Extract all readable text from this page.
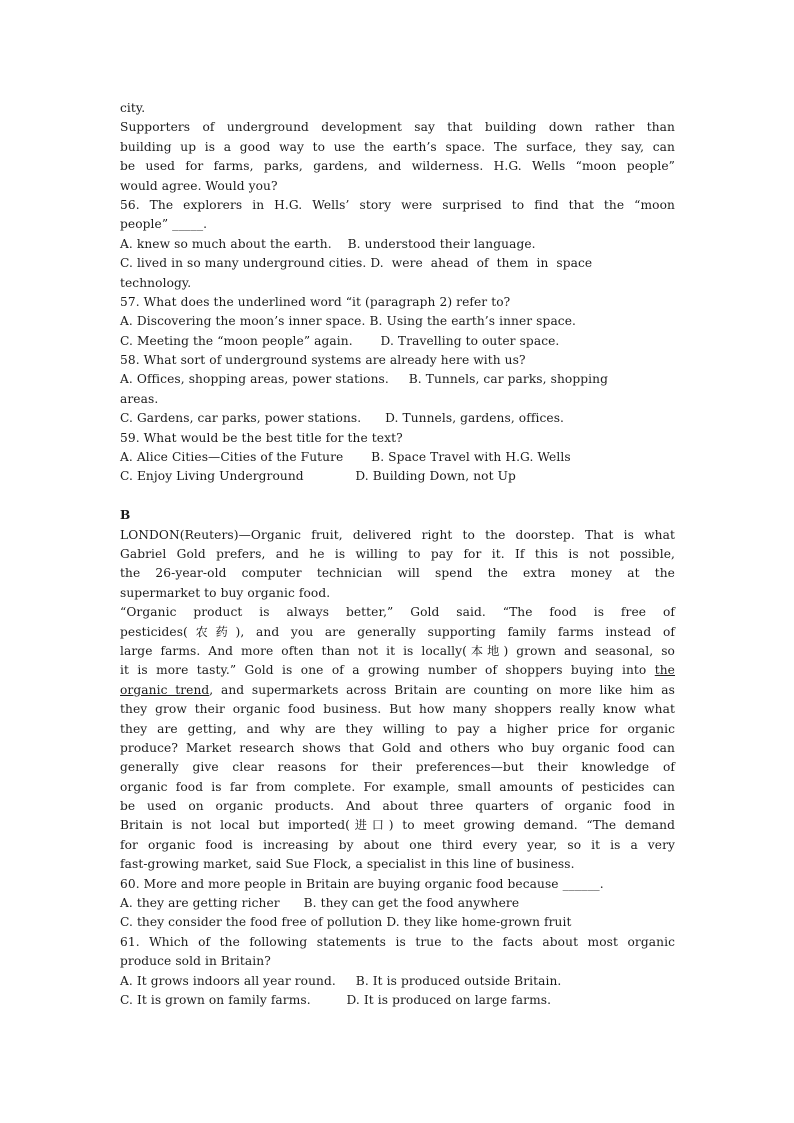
city.
Supporters of underground development say that building down rather than
building up is a good way to use the earth’s space. The surface, they say, can
be used for farms, parks, gardens, and wilderness. H.G. Wells “moon people”
would agree. Would you?
56. The explorers in H.G. Wells’ story were surprised to find that the “moon
people” _____.
A. knew so much about the earth. B. understood their language.
C. lived in so many underground cities. D.  were  ahead  of  them  in  space
technology.
57. What does the underlined word “it (paragraph 2) refer to?
A. Discovering the moon’s inner space. B. Using the earth’s inner space.
C. Meeting the “moon people” again. D. Travelling to outer space.
58. What sort of underground systems are already here with us?
A. Offices, shopping areas, power stations. B. Tunnels, car parks, shopping
areas.
C. Gardens, car parks, power stations. D. Tunnels, gardens, offices.
59. What would be the best title for the text?
A. Alice Cities—Cities of the Future B. Space Travel with H.G. Wells
C. Enjoy Living Underground	D. Building Down, not Up
B
LONDON(Reuters)—Organic fruit, delivered right to the doorstep. That is what
Gabriel Gold prefers, and he is willing to pay for it. If this is not possible,
the 26-year-old computer technician will spend the extra money at the
supermarket to buy organic food.
“Organic product is always better,” Gold said. “The food is free of
pesticides(农药), and you are generally supporting family farms instead of
large farms. And more often than not it is locally(本地) grown and seasonal, so
it is more tasty.” Gold is one of a growing number of shoppers buying into the
organic trend, and supermarkets across Britain are counting on more like him as
they grow their organic food business. But how many shoppers really know what
they are getting, and why are they willing to pay a higher price for organic
produce? Market research shows that Gold and others who buy organic food can
generally give clear reasons for their preferences—but their knowledge of
organic food is far from complete. For example, small amounts of pesticides can
be used on organic products. And about three quarters of organic food in
Britain is not local but imported(进口) to meet growing demand. “The demand
for organic food is increasing by about one third every year, so it is a very
fast-growing market, said Sue Flock, a specialist in this line of business.
60. More and more people in Britain are buying organic food because ______.
A. they are getting richer B. they can get the food anywhere
C. they consider the food free of pollution D. they like home-grown fruit
61. Which of the following statements is true to the facts about most organic
produce sold in Britain?
A. It grows indoors all year round. B. It is produced outside Britain.
C. It is grown on family farms.	D. It is produced on large farms.
